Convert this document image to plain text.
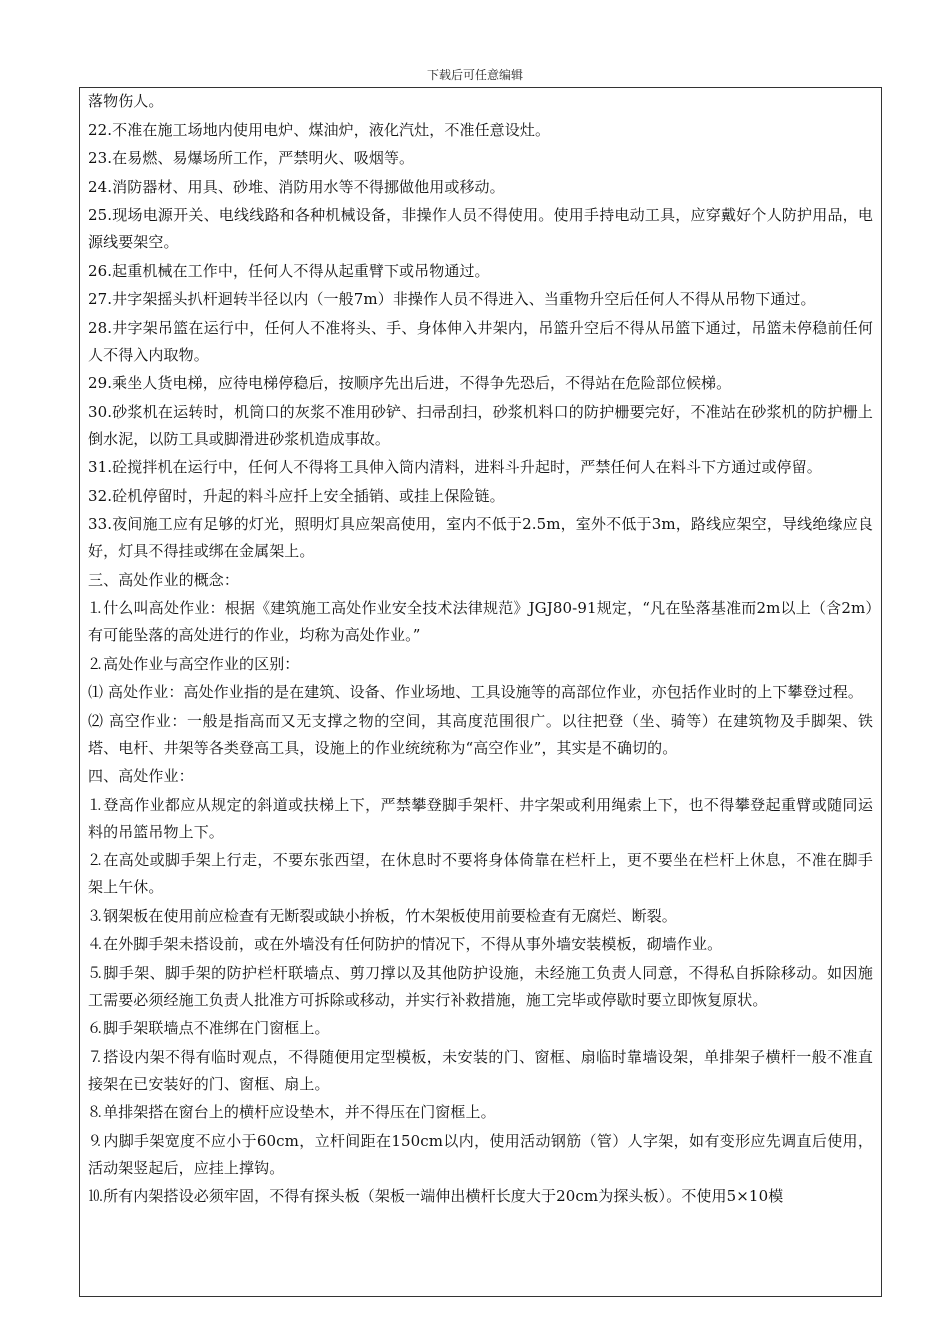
下载后可任意编辑

落物伤人。

22.不准在施工场地内使用电炉、煤油炉，液化汽灶，不准任意设灶。

23.在易燃、易爆场所工作，严禁明火、吸烟等。

24.消防器材、用具、砂堆、消防用水等不得挪做他用或移动。

25.现场电源开关、电线线路和各种机械设备，非操作人员不得使用。使用手持电动工具，应穿戴好个人防护用品，电源线要架空。

26.起重机械在工作中，任何人不得从起重臂下或吊物通过。

27.井字架摇头扒杆迴转半径以内（一般7m）非操作人员不得进入、当重物升空后任何人不得从吊物下通过。

28.井字架吊篮在运行中，任何人不准将头、手、身体伸入井架内，吊篮升空后不得从吊篮下通过，吊篮未停稳前任何人不得入内取物。

29.乘坐人货电梯，应待电梯停稳后，按顺序先出后进，不得争先恐后，不得站在危险部位候梯。

30.砂浆机在运转时，机筒口的灰浆不准用砂铲、扫帚刮扫，砂浆机料口的防护栅要完好，不准站在砂浆机的防护栅上倒水泥，以防工具或脚滑进砂浆机造成事故。

31.砼搅拌机在运行中，任何人不得将工具伸入筒内清料，进料斗升起时，严禁任何人在料斗下方通过或停留。

32.砼机停留时，升起的料斗应扦上安全插销、或挂上保险链。

33.夜间施工应有足够的灯光，照明灯具应架高使用，室内不低于2.5m，室外不低于3m，路线应架空，导线绝缘应良好，灯具不得挂或绑在金属架上。

三、高处作业的概念：

⒈什么叫高处作业：根据《建筑施工高处作业安全技术法律规范》JGJ80-91规定，“凡在坠落基准而2m以上（含2m）有可能坠落的高处进行的作业，均称为高处作业。”

⒉高处作业与高空作业的区别：

⑴ 高处作业：高处作业指的是在建筑、设备、作业场地、工具设施等的高部位作业，亦包括作业时的上下攀登过程。

⑵ 高空作业：一般是指高而又无支撑之物的空间，其高度范围很广。以往把登（坐、骑等）在建筑物及手脚架、铁塔、电杆、井架等各类登高工具，设施上的作业统统称为“高空作业”，其实是不确切的。

四、高处作业：

⒈登高作业都应从规定的斜道或扶梯上下，严禁攀登脚手架杆、井字架或利用绳索上下，也不得攀登起重臂或随同运料的吊篮吊物上下。

⒉在高处或脚手架上行走，不要东张西望，在休息时不要将身体倚靠在栏杆上，更不要坐在栏杆上休息，不准在脚手架上午休。

⒊钢架板在使用前应检查有无断裂或缺小拚板，竹木架板使用前要检查有无腐烂、断裂。

⒋在外脚手架未搭设前，或在外墙没有任何防护的情况下，不得从事外墙安装模板，砌墙作业。

⒌脚手架、脚手架的防护栏杆联墙点、剪刀撑以及其他防护设施，未经施工负责人同意，不得私自拆除移动。如因施工需要必须经施工负责人批准方可拆除或移动，并实行补救措施，施工完毕或停歇时要立即恢复原状。

⒍脚手架联墙点不准绑在门窗框上。

⒎搭设内架不得有临时观点，不得随便用定型模板，未安装的门、窗框、扇临时靠墙设架，单排架子横杆一般不准直接架在已安装好的门、窗框、扇上。

⒏单排架搭在窗台上的横杆应设垫木，并不得压在门窗框上。

⒐内脚手架宽度不应小于60cm，立杆间距在150cm以内，使用活动钢筋（管）人字架，如有变形应先调直后使用，活动架竖起后，应挂上撑钩。

⒑所有内架搭设必须牢固，不得有探头板（架板一端伸出横杆长度大于20cm为探头板）。不使用5×10模
